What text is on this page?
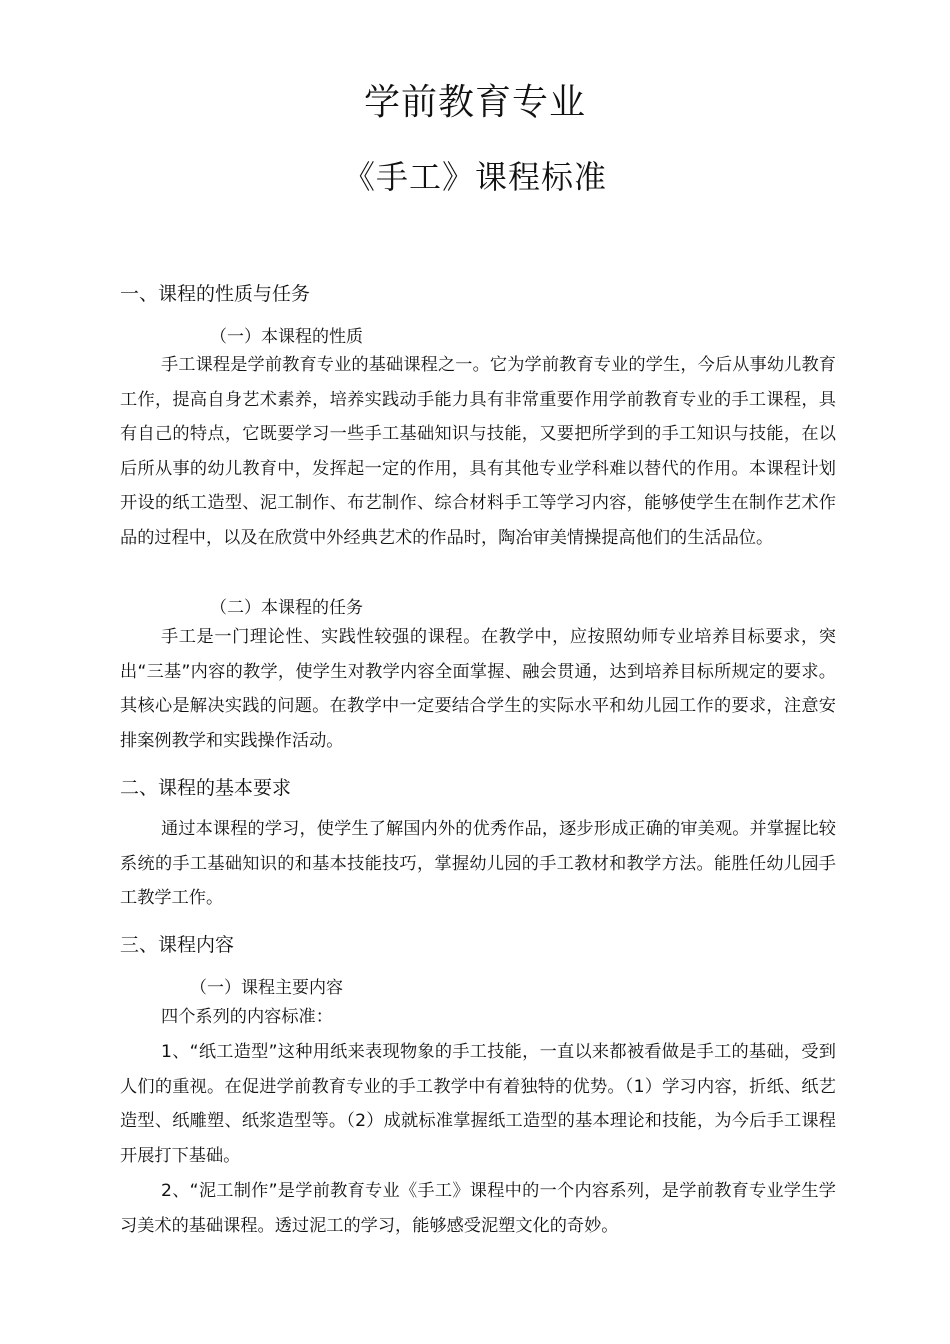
学前教育专业
《手工》课程标准
一、课程的性质与任务
（一）本课程的性质
手工课程是学前教育专业的基础课程之一。它为学前教育专业的学生，今后从事幼儿教育工作，提高自身艺术素养，培养实践动手能力具有非常重要作用学前教育专业的手工课程，具有自己的特点，它既要学习一些手工基础知识与技能，又要把所学到的手工知识与技能，在以后所从事的幼儿教育中，发挥起一定的作用，具有其他专业学科难以替代的作用。本课程计划开设的纸工造型、泥工制作、布艺制作、综合材料手工等学习内容，能够使学生在制作艺术作品的过程中，以及在欣赏中外经典艺术的作品时，陶冶审美情操提高他们的生活品位。
（二）本课程的任务
手工是一门理论性、实践性较强的课程。在教学中，应按照幼师专业培养目标要求，突出“三基”内容的教学，使学生对教学内容全面掌握、融会贯通，达到培养目标所规定的要求。其核心是解决实践的问题。在教学中一定要结合学生的实际水平和幼儿园工作的要求，注意安排案例教学和实践操作活动。
二、课程的基本要求
通过本课程的学习，使学生了解国内外的优秀作品，逐步形成正确的审美观。并掌握比较系统的手工基础知识的和基本技能技巧，掌握幼儿园的手工教材和教学方法。能胜任幼儿园手工教学工作。
三、课程内容
（一）课程主要内容
四个系列的内容标准：
1、“纸工造型”这种用纸来表现物象的手工技能，一直以来都被看做是手工的基础，受到人们的重视。在促进学前教育专业的手工教学中有着独特的优势。（1）学习内容，折纸、纸艺造型、纸雕塑、纸浆造型等。（2）成就标准掌握纸工造型的基本理论和技能，为今后手工课程开展打下基础。
2、“泥工制作”是学前教育专业《手工》课程中的一个内容系列，是学前教育专业学生学习美术的基础课程。透过泥工的学习，能够感受泥塑文化的奇妙。
